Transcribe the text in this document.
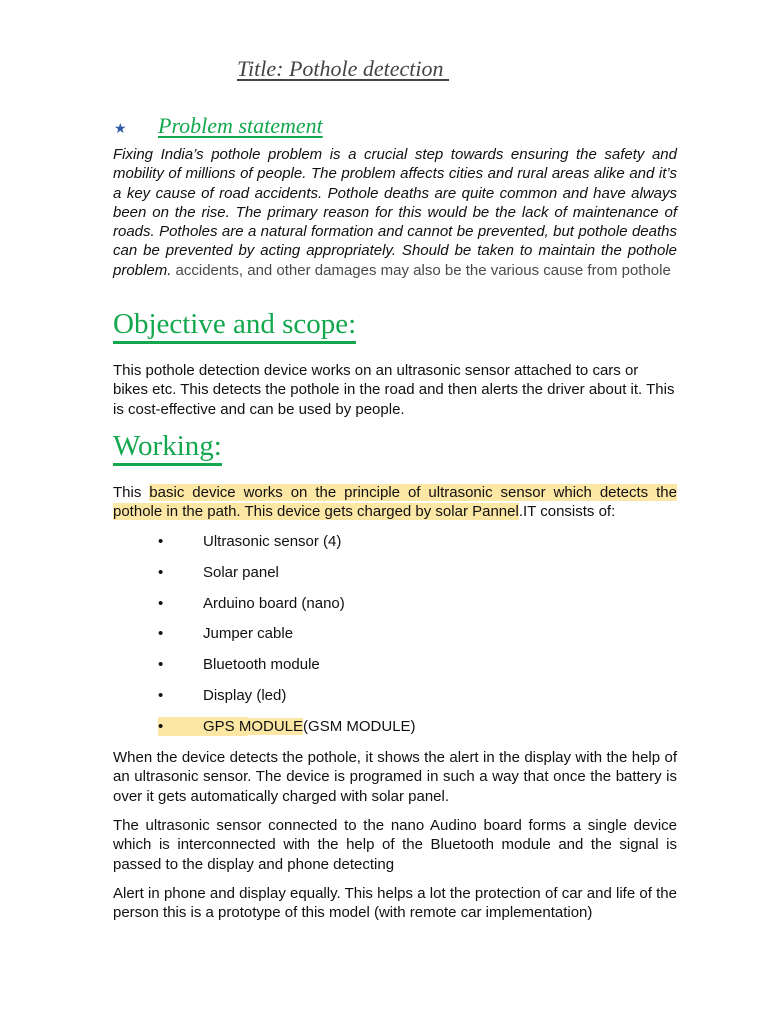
Title: Pothole detection
★ Problem statement
Fixing India’s pothole problem is a crucial step towards ensuring the safety and mobility of millions of people. The problem affects cities and rural areas alike and it’s a key cause of road accidents. Pothole deaths are quite common and have always been on the rise. The primary reason for this would be the lack of maintenance of roads. Potholes are a natural formation and cannot be prevented, but pothole deaths can be prevented by acting appropriately. Should be taken to maintain the pothole problem. accidents, and other damages may also be the various cause from pothole
Objective and scope:
This pothole detection device works on an ultrasonic sensor attached to cars or bikes etc. This detects the pothole in the road and then alerts the driver about it. This is cost-effective and can be used by people.
Working:
This basic device works on the principle of ultrasonic sensor which detects the pothole in the path. This device gets charged by solar Pannel.IT consists of:
•	Ultrasonic sensor (4)
•	Solar panel
•	Arduino board (nano)
•	Jumper cable
•	Bluetooth module
•	Display (led)
•	GPS MODULE(GSM MODULE)
When the device detects the pothole, it shows the alert in the display with the help of an ultrasonic sensor. The device is programed in such a way that once the battery is over it gets automatically charged with solar panel.
The ultrasonic sensor connected to the nano Audino board forms a single device which is interconnected with the help of the Bluetooth module and the signal is passed to the display and phone detecting
Alert in phone and display equally. This helps a lot the protection of car and life of the person this is a prototype of this model (with remote car implementation)
